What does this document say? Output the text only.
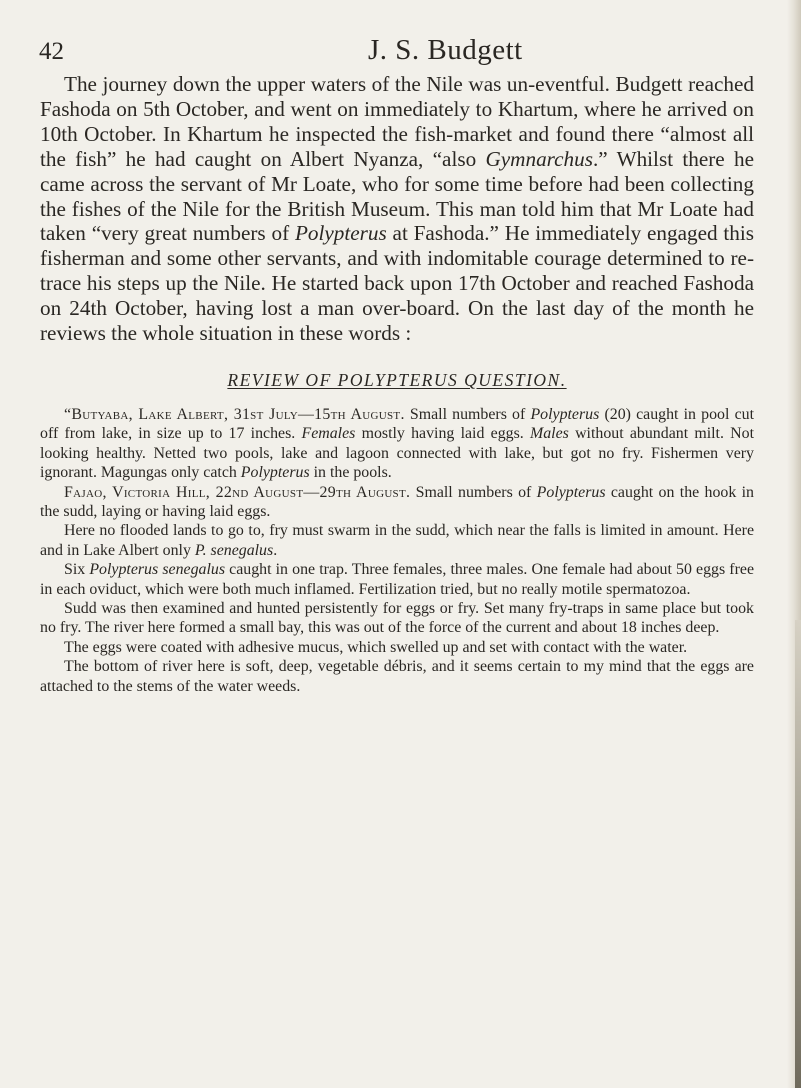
42	J. S. Budgett

The journey down the upper waters of the Nile was un-eventful. Budgett reached Fashoda on 5th October, and went on immediately to Khartum, where he arrived on 10th October. In Khartum he inspected the fish-market and found there “almost all the fish” he had caught on Albert Nyanza, “also Gymnarchus.” Whilst there he came across the servant of Mr Loate, who for some time before had been collecting the fishes of the Nile for the British Museum. This man told him that Mr Loate had taken “very great numbers of Polypterus at Fashoda.” He immediately engaged this fisherman and some other servants, and with indomitable courage determined to re-trace his steps up the Nile. He started back upon 17th October and reached Fashoda on 24th October, having lost a man over-board. On the last day of the month he reviews the whole situation in these words :

REVIEW OF POLYPTERUS QUESTION.

“Butyaba, Lake Albert, 31st July—15th August. Small numbers of Polypterus (20) caught in pool cut off from lake, in size up to 17 inches. Females mostly having laid eggs. Males without abundant milt. Not looking healthy. Netted two pools, lake and lagoon connected with lake, but got no fry. Fishermen very ignorant. Magungas only catch Polypterus in the pools.

Fajao, Victoria Hill, 22nd August—29th August. Small numbers of Polypterus caught on the hook in the sudd, laying or having laid eggs.

Here no flooded lands to go to, fry must swarm in the sudd, which near the falls is limited in amount. Here and in Lake Albert only P. senegalus.

Six Polypterus senegalus caught in one trap. Three females, three males. One female had about 50 eggs free in each oviduct, which were both much inflamed. Fertilization tried, but no really motile spermatozoa.

Sudd was then examined and hunted persistently for eggs or fry. Set many fry-traps in same place but took no fry. The river here formed a small bay, this was out of the force of the current and about 18 inches deep.

The eggs were coated with adhesive mucus, which swelled up and set with contact with the water.

The bottom of river here is soft, deep, vegetable débris, and it seems certain to my mind that the eggs are attached to the stems of the water weeds.
